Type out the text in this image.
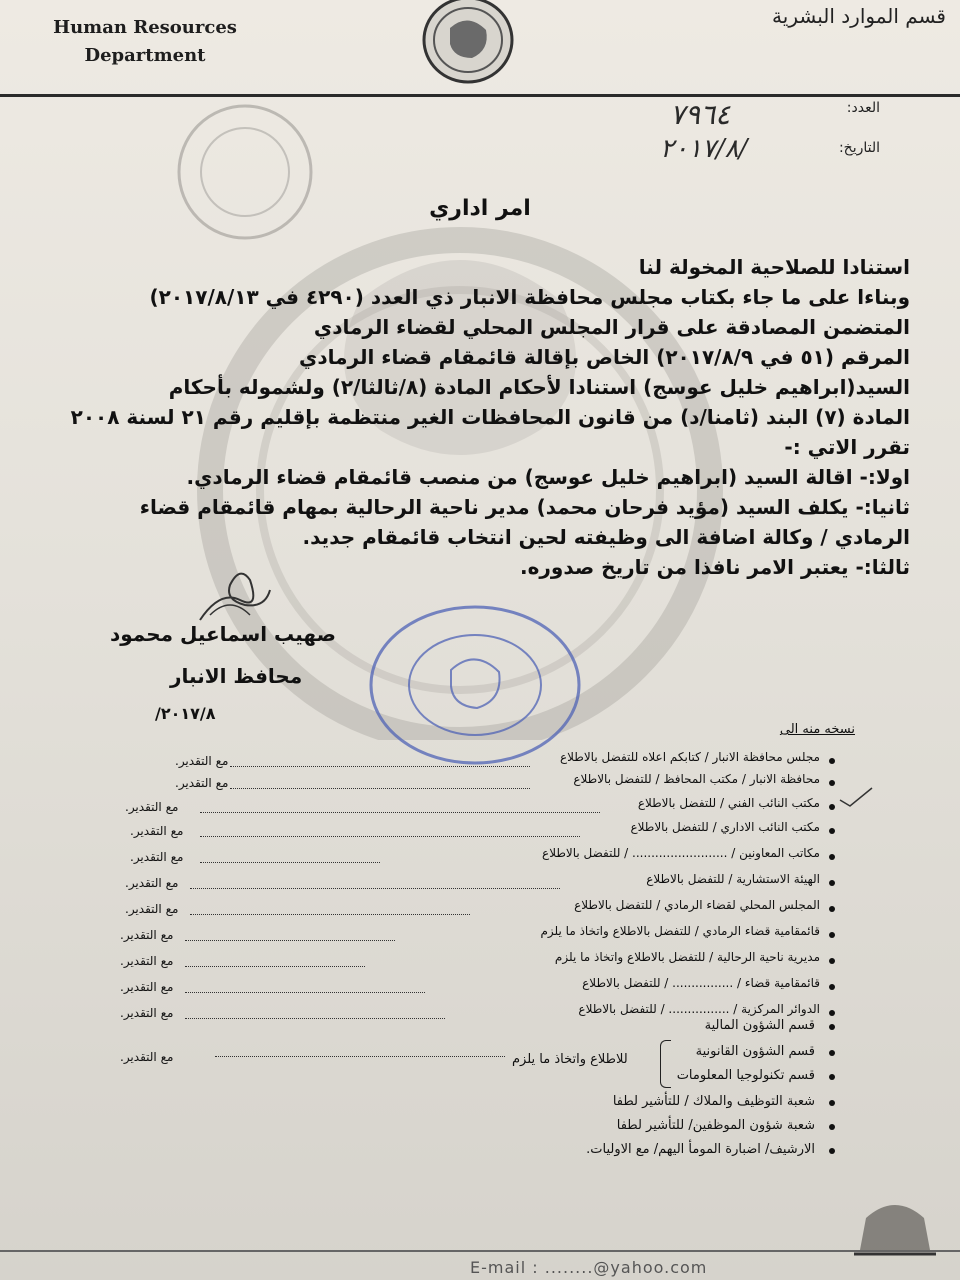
Human Resources
Department
قسم الموارد البشرية
العدد:
٧٩٦٤
التاريخ:
٢٠١٧/٨/
امر اداري

استنادا للصلاحية المخولة لنا

وبناءا على ما جاء بكتاب مجلس محافظة الانبار ذي العدد (٤٢٩٠ في ٢٠١٧/٨/١٣)

المتضمن المصادقة على قرار المجلس المحلي لقضاء الرمادي

المرقم (٥١ في ٢٠١٧/٨/٩) الخاص بإقالة قائمقام قضاء الرمادي

السيد(ابراهيم خليل عوسج) استنادا لأحكام المادة (٨/ثالثا/٢) ولشموله بأحكام

المادة (٧) البند (ثامنا/د) من قانون المحافظات الغير منتظمة بإقليم رقم ٢١ لسنة ٢٠٠٨

تقرر الاتي :-

اولا:- اقالة السيد (ابراهيم خليل عوسج) من منصب قائمقام قضاء الرمادي.

ثانيا:- يكلف السيد (مؤيد فرحان محمد) مدير ناحية الرحالية بمهام قائمقام قضاء

الرمادي / وكالة اضافة الى وظيفته لحين انتخاب قائمقام جديد.

ثالثا:- يعتبر الامر نافذا من تاريخ صدوره.

صهيب اسماعيل محمود
محافظ الانبار
٢٠١٧/٨/
نسخه منه الى
مجلس محافظة الانبار / كتابكم اعلاه للتفضل بالاطلاع
مع التقدير.
محافظة الانبار / مكتب المحافظ / للتفضل بالاطلاع
مع التقدير.
مكتب النائب الفني / للتفضل بالاطلاع
مع التقدير.
مكتب النائب الاداري / للتفضل بالاطلاع
مع التقدير.
مكاتب المعاونين / ......................... / للتفضل بالاطلاع
مع التقدير.
الهيئة الاستشارية / للتفضل بالاطلاع
مع التقدير.
المجلس المحلي لقضاء الرمادي / للتفضل بالاطلاع
مع التقدير.
قائمقامية قضاء الرمادي / للتفضل بالاطلاع واتخاذ ما يلزم
مع التقدير.
مديرية ناحية الرحالية / للتفضل بالاطلاع واتخاذ ما يلزم
مع التقدير.
قائمقامية قضاء / ................ / للتفضل بالاطلاع
مع التقدير.
الدوائر المركزية / ................ / للتفضل بالاطلاع
مع التقدير.
قسم الشؤون المالية
قسم الشؤون القانونية
قسم تكنولوجيا المعلومات
للاطلاع واتخاذ ما يلزم
مع التقدير.
شعبة التوظيف والملاك / للتأشير لطفا
شعبة شؤون الموظفين/ للتأشير لطفا
الارشيف/ اضبارة المومأ اليهم/ مع الاوليات.
E-mail : ........@yahoo.com
